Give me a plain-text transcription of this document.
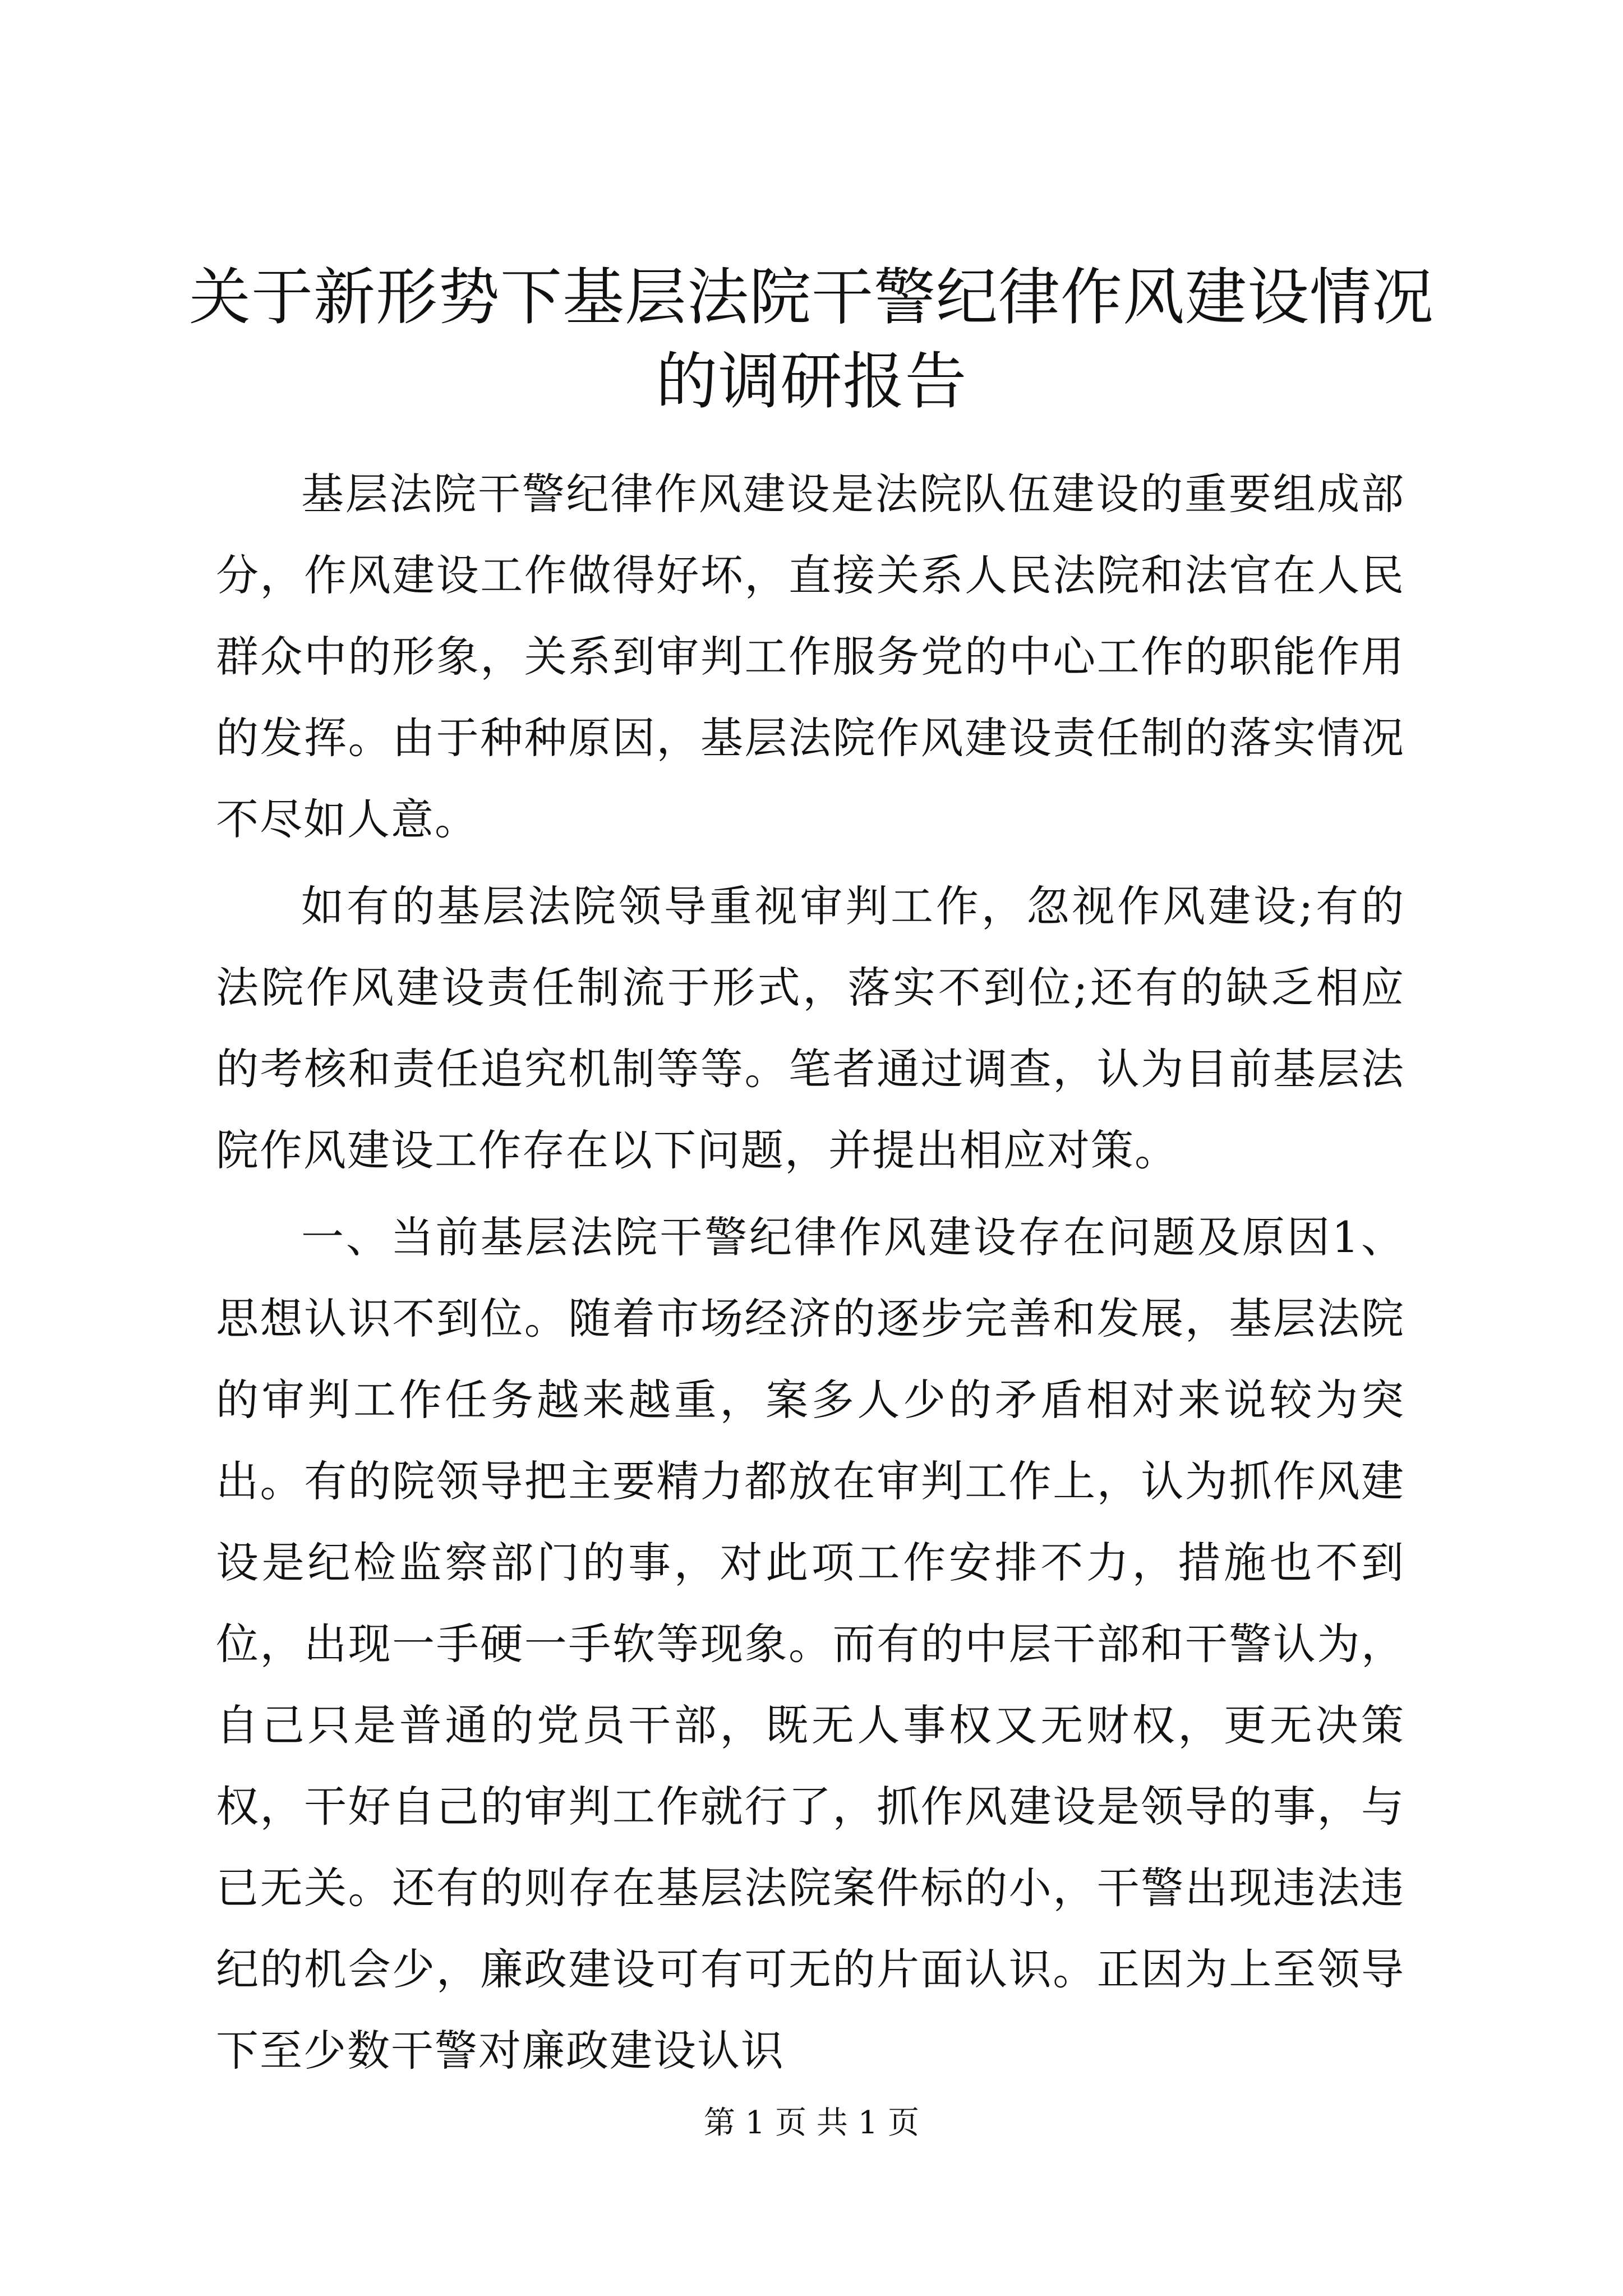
关于新形势下基层法院干警纪律作风建设情况
的调研报告

基层法院干警纪律作风建设是法院队伍建设的重要组成部分，作风建设工作做得好坏，直接关系人民法院和法官在人民群众中的形象，关系到审判工作服务党的中心工作的职能作用的发挥。由于种种原因，基层法院作风建设责任制的落实情况不尽如人意。

如有的基层法院领导重视审判工作，忽视作风建设;有的法院作风建设责任制流于形式，落实不到位;还有的缺乏相应的考核和责任追究机制等等。笔者通过调查，认为目前基层法院作风建设工作存在以下问题，并提出相应对策。

一、当前基层法院干警纪律作风建设存在问题及原因1、思想认识不到位。随着市场经济的逐步完善和发展，基层法院的审判工作任务越来越重，案多人少的矛盾相对来说较为突出。有的院领导把主要精力都放在审判工作上，认为抓作风建设是纪检监察部门的事，对此项工作安排不力，措施也不到位，出现一手硬一手软等现象。而有的中层干部和干警认为，自己只是普通的党员干部，既无人事权又无财权，更无决策权，干好自己的审判工作就行了，抓作风建设是领导的事，与已无关。还有的则存在基层法院案件标的小，干警出现违法违纪的机会少，廉政建设可有可无的片面认识。正因为上至领导下至少数干警对廉政建设认识

第 1 页 共 1 页
